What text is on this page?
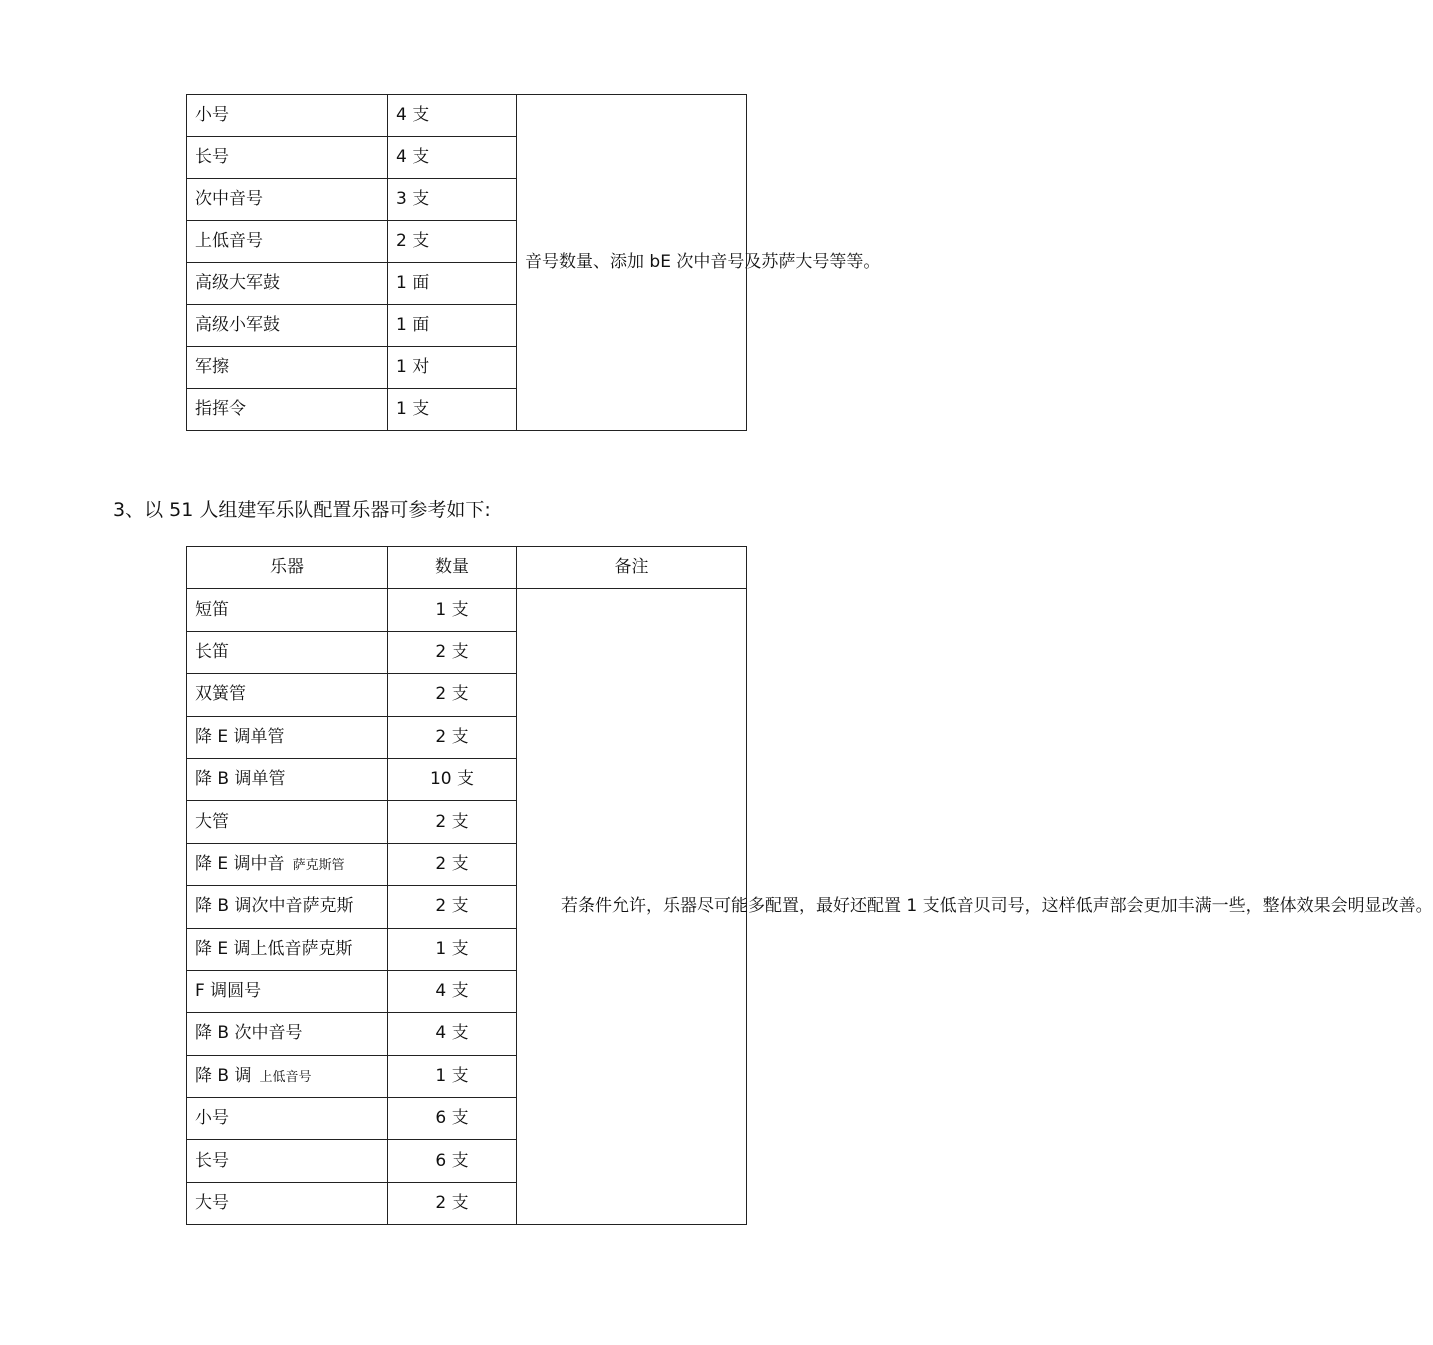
小号	4 支	音号数量、添加 bE 次中音号及苏萨大号等等。
长号	4 支	
次中音号	3 支	
上低音号	2 支	
高级大军鼓	1 面	
高级小军鼓	1 面	
军擦	1 对	
指挥令	1 支	

3、以 51 人组建军乐队配置乐器可参考如下:

乐器	数量	备注
短笛	1 支	若条件允许，乐器尽可能多配置，最好还配置 1 支低音贝司号，这样低声部会更加丰满一些，整体效果会明显改善。
长笛	2 支	
双簧管	2 支	
降 E 调单管	2 支	
降 B 调单管	10 支	
大管	2 支	
降 E 调中音 萨克斯管	2 支	
降 B 调次中音萨克斯	2 支	
降 E 调上低音萨克斯	1 支	
F 调圆号	4 支	
降 B 次中音号	4 支	
降 B 调 上低音号	1 支	
小号	6 支	
长号	6 支	
大号	2 支	
